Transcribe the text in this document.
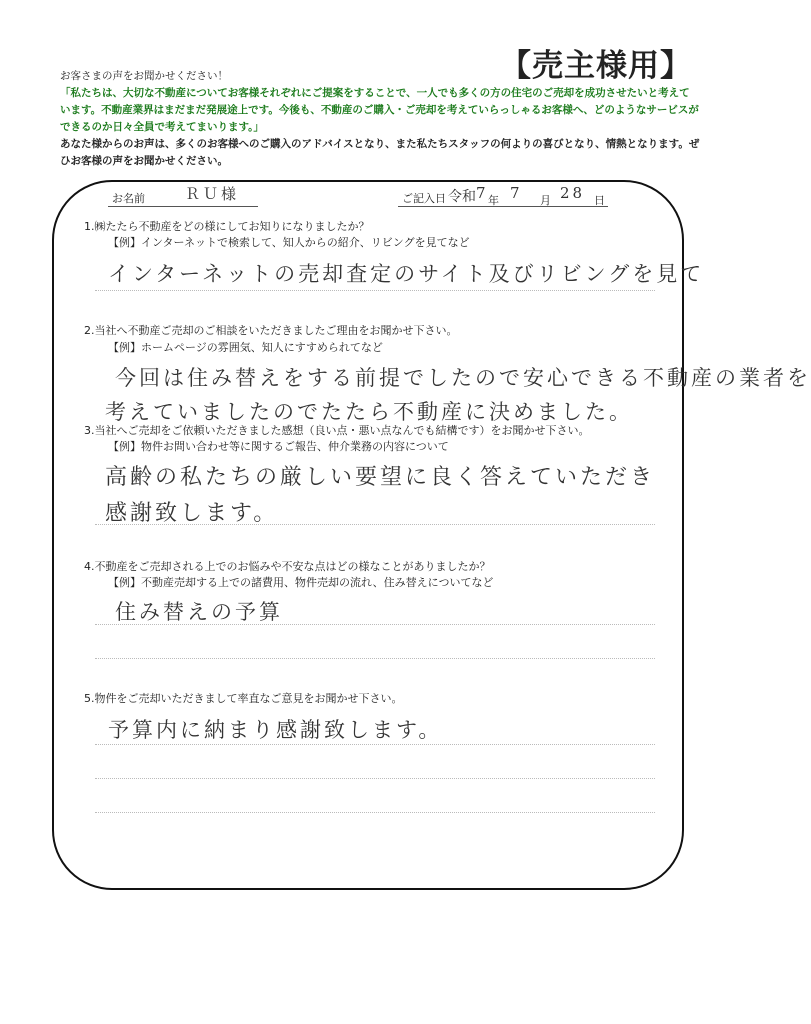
【売主様用】
お客さまの声をお聞かせください！
「私たちは、大切な不動産についてお客様それぞれにご提案をすることで、一人でも多くの方の住宅のご売却を成功させたいと考えています。不動産業界はまだまだ発展途上です。今後も、不動産のご購入・ご売却を考えていらっしゃるお客様へ、どのようなサービスができるのか日々全員で考えてまいります。」
あなた様からのお声は、多くのお客様へのご購入のアドバイスとなり、また私たちスタッフの何よりの喜びとなり、情熱となります。ぜひお客様の声をお聞かせください。
お名前	ＲＵ様	ご記入日 令和 7 年 7 月 28 日
1.㈱たたら不動産をどの様にしてお知りになりましたか？
【例】インターネットで検索して、知人からの紹介、リビングを見てなど
インターネットの売却査定のサイト及びリビングを見て
2.当社へ不動産ご売却のご相談をいただきましたご理由をお聞かせ下さい。
【例】ホームページの雰囲気、知人にすすめられてなど
今回は住み替えをする前提でしたので安心できる不動産の業者を
考えていましたのでたたら不動産に決めました。
3.当社へご売却をご依頼いただきました感想（良い点・悪い点なんでも結構です）をお聞かせ下さい。
【例】物件お問い合わせ等に関するご報告、仲介業務の内容について
高齢の私たちの厳しい要望に良く答えていただき
感謝致します。
4.不動産をご売却される上でのお悩みや不安な点はどの様なことがありましたか？
【例】不動産売却する上での諸費用、物件売却の流れ、住み替えについてなど
住み替えの予算
5.物件をご売却いただきまして率直なご意見をお聞かせ下さい。
予算内に納まり感謝致します。
